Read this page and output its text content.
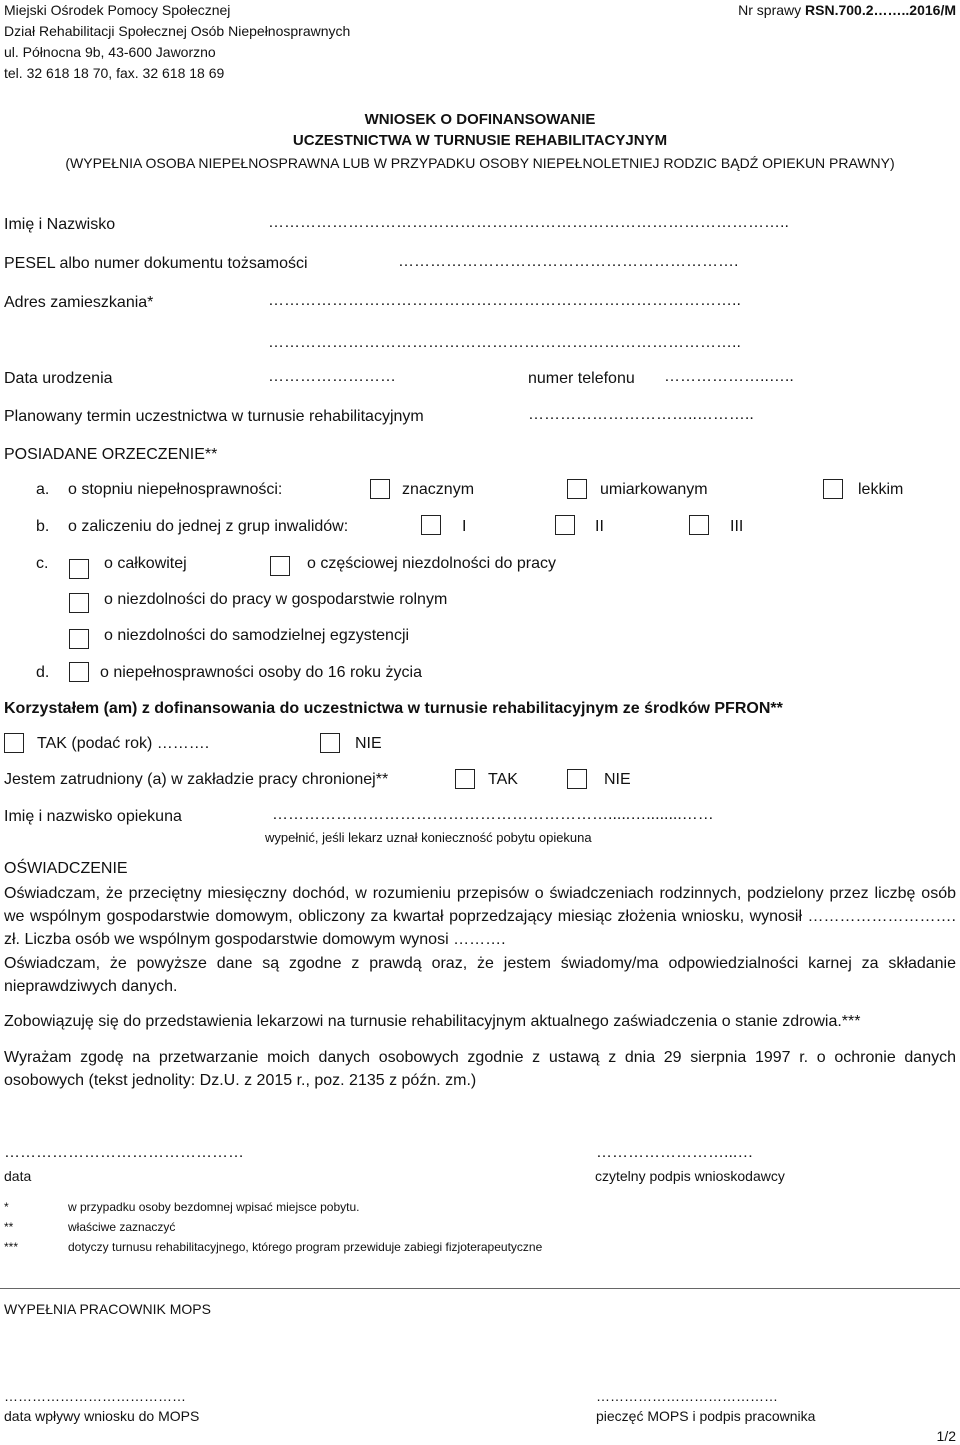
Miejski Ośrodek Pomocy Społecznej
Dział Rehabilitacji Społecznej Osób Niepełnosprawnych
ul. Północna 9b, 43-600 Jaworzno
tel. 32 618 18 70, fax. 32 618 18 69
Nr sprawy RSN.700.2……..2016/M
WNIOSEK O DOFINANSOWANIE
UCZESTNICTWA W TURNUSIE REHABILITACYJNYM
(WYPEŁNIA OSOBA NIEPEŁNOSPRAWNA LUB W PRZYPADKU OSOBY NIEPEŁNOLETNIEJ RODZIC BĄDŹ OPIEKUN PRAWNY)
Imię i Nazwisko	……………………………………………………………………………………..
PESEL albo numer dokumentu tożsamości	……………………………………………………….
Adres zamieszkania*	……………………………………………………………………………..
……………………………………………………………………………..
Data urodzenia	……………………	numer telefonu ………………..…..
Planowany termin uczestnictwa w turnusie rehabilitacyjnym	…………………………..………..
POSIADANE ORZECZENIE**
a. o stopniu niepełnosprawności:	znacznym	umiarkowanym	lekkim
b. o zaliczeniu do jednej z grup inwalidów:	I	II	III
c.	o całkowitej	o częściowej niezdolności do pracy
o niezdolności do pracy w gospodarstwie rolnym
o niezdolności do samodzielnej egzystencji
d.	o niepełnosprawności osoby do 16 roku życia
Korzystałem (am) z dofinansowania do uczestnictwa w turnusie rehabilitacyjnym ze środków PFRON**
TAK (podać rok) ……….	NIE
Jestem zatrudniony (a) w zakładzie pracy chronionej**	TAK	NIE
Imię i nazwisko opiekuna	……………………………………………………….....…........……
wypełnić, jeśli lekarz uznał konieczność pobytu opiekuna
OŚWIADCZENIE
Oświadczam, że przeciętny miesięczny dochód, w rozumieniu przepisów o świadczeniach rodzinnych, podzielony przez liczbę osób we wspólnym gospodarstwie domowym, obliczony za kwartał poprzedzający miesiąc złożenia wniosku, wynosił ………………………. zł. Liczba osób we wspólnym gospodarstwie domowym wynosi ……….
Oświadczam, że powyższe dane są zgodne z prawdą oraz, że jestem świadomy/ma odpowiedzialności karnej za składanie nieprawdziwych danych.
Zobowiązuję się do przedstawienia lekarzowi na turnusie rehabilitacyjnym aktualnego zaświadczenia o stanie zdrowia.***
Wyrażam zgodę na przetwarzanie moich danych osobowych zgodnie z ustawą z dnia 29 sierpnia 1997 r. o ochronie danych osobowych (tekst jednolity: Dz.U. z 2015 r., poz. 2135 z późn. zm.)
………………………………………
data
……………………...…
czytelny podpis wnioskodawcy
*	w przypadku osoby bezdomnej wpisać miejsce pobytu.
**	właściwe zaznaczyć
***	dotyczy turnusu rehabilitacyjnego, którego program przewiduje zabiegi fizjoterapeutyczne
WYPEŁNIA PRACOWNIK MOPS
…………………………………
data wpływy wniosku do MOPS
…………………………………
pieczęć MOPS i podpis pracownika
1/2
